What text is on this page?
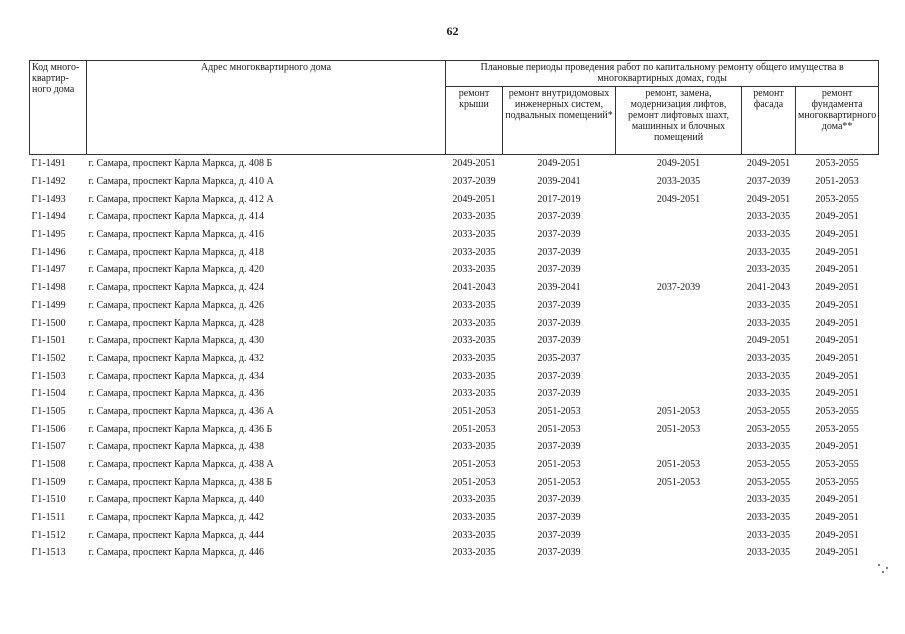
62
Код много-квартир-ного дома	Адрес многоквартирного дома	Плановые периоды проведения работ по капитальному ремонту общего имущества в многоквартирных домах, годы				
		ремонт крыши	ремонт внутридомовых инженерных систем, подвальных помещений*	ремонт, замена, модернизация лифтов, ремонт лифтовых шахт, машинных и блочных помещений	ремонт фасада	ремонт фундамента многоквартирного дома**
Г1-1491	г. Самара, проспект Карла Маркса, д. 408 Б	2049-2051	2049-2051	2049-2051	2049-2051	2053-2055
Г1-1492	г. Самара, проспект Карла Маркса, д. 410 А	2037-2039	2039-2041	2033-2035	2037-2039	2051-2053
Г1-1493	г. Самара, проспект Карла Маркса, д. 412 А	2049-2051	2017-2019	2049-2051	2049-2051	2053-2055
Г1-1494	г. Самара, проспект Карла Маркса, д. 414	2033-2035	2037-2039		2033-2035	2049-2051
Г1-1495	г. Самара, проспект Карла Маркса, д. 416	2033-2035	2037-2039		2033-2035	2049-2051
Г1-1496	г. Самара, проспект Карла Маркса, д. 418	2033-2035	2037-2039		2033-2035	2049-2051
Г1-1497	г. Самара, проспект Карла Маркса, д. 420	2033-2035	2037-2039		2033-2035	2049-2051
Г1-1498	г. Самара, проспект Карла Маркса, д. 424	2041-2043	2039-2041	2037-2039	2041-2043	2049-2051
Г1-1499	г. Самара, проспект Карла Маркса, д. 426	2033-2035	2037-2039		2033-2035	2049-2051
Г1-1500	г. Самара, проспект Карла Маркса, д. 428	2033-2035	2037-2039		2033-2035	2049-2051
Г1-1501	г. Самара, проспект Карла Маркса, д. 430	2033-2035	2037-2039		2049-2051	2049-2051
Г1-1502	г. Самара, проспект Карла Маркса, д. 432	2033-2035	2035-2037		2033-2035	2049-2051
Г1-1503	г. Самара, проспект Карла Маркса, д. 434	2033-2035	2037-2039		2033-2035	2049-2051
Г1-1504	г. Самара, проспект Карла Маркса, д. 436	2033-2035	2037-2039		2033-2035	2049-2051
Г1-1505	г. Самара, проспект Карла Маркса, д. 436 А	2051-2053	2051-2053	2051-2053	2053-2055	2053-2055
Г1-1506	г. Самара, проспект Карла Маркса, д. 436 Б	2051-2053	2051-2053	2051-2053	2053-2055	2053-2055
Г1-1507	г. Самара, проспект Карла Маркса, д. 438	2033-2035	2037-2039		2033-2035	2049-2051
Г1-1508	г. Самара, проспект Карла Маркса, д. 438 А	2051-2053	2051-2053	2051-2053	2053-2055	2053-2055
Г1-1509	г. Самара, проспект Карла Маркса, д. 438 Б	2051-2053	2051-2053	2051-2053	2053-2055	2053-2055
Г1-1510	г. Самара, проспект Карла Маркса, д. 440	2033-2035	2037-2039		2033-2035	2049-2051
Г1-1511	г. Самара, проспект Карла Маркса, д. 442	2033-2035	2037-2039		2033-2035	2049-2051
Г1-1512	г. Самара, проспект Карла Маркса, д. 444	2033-2035	2037-2039		2033-2035	2049-2051
Г1-1513	г. Самара, проспект Карла Маркса, д. 446	2033-2035	2037-2039		2033-2035	2049-2051
